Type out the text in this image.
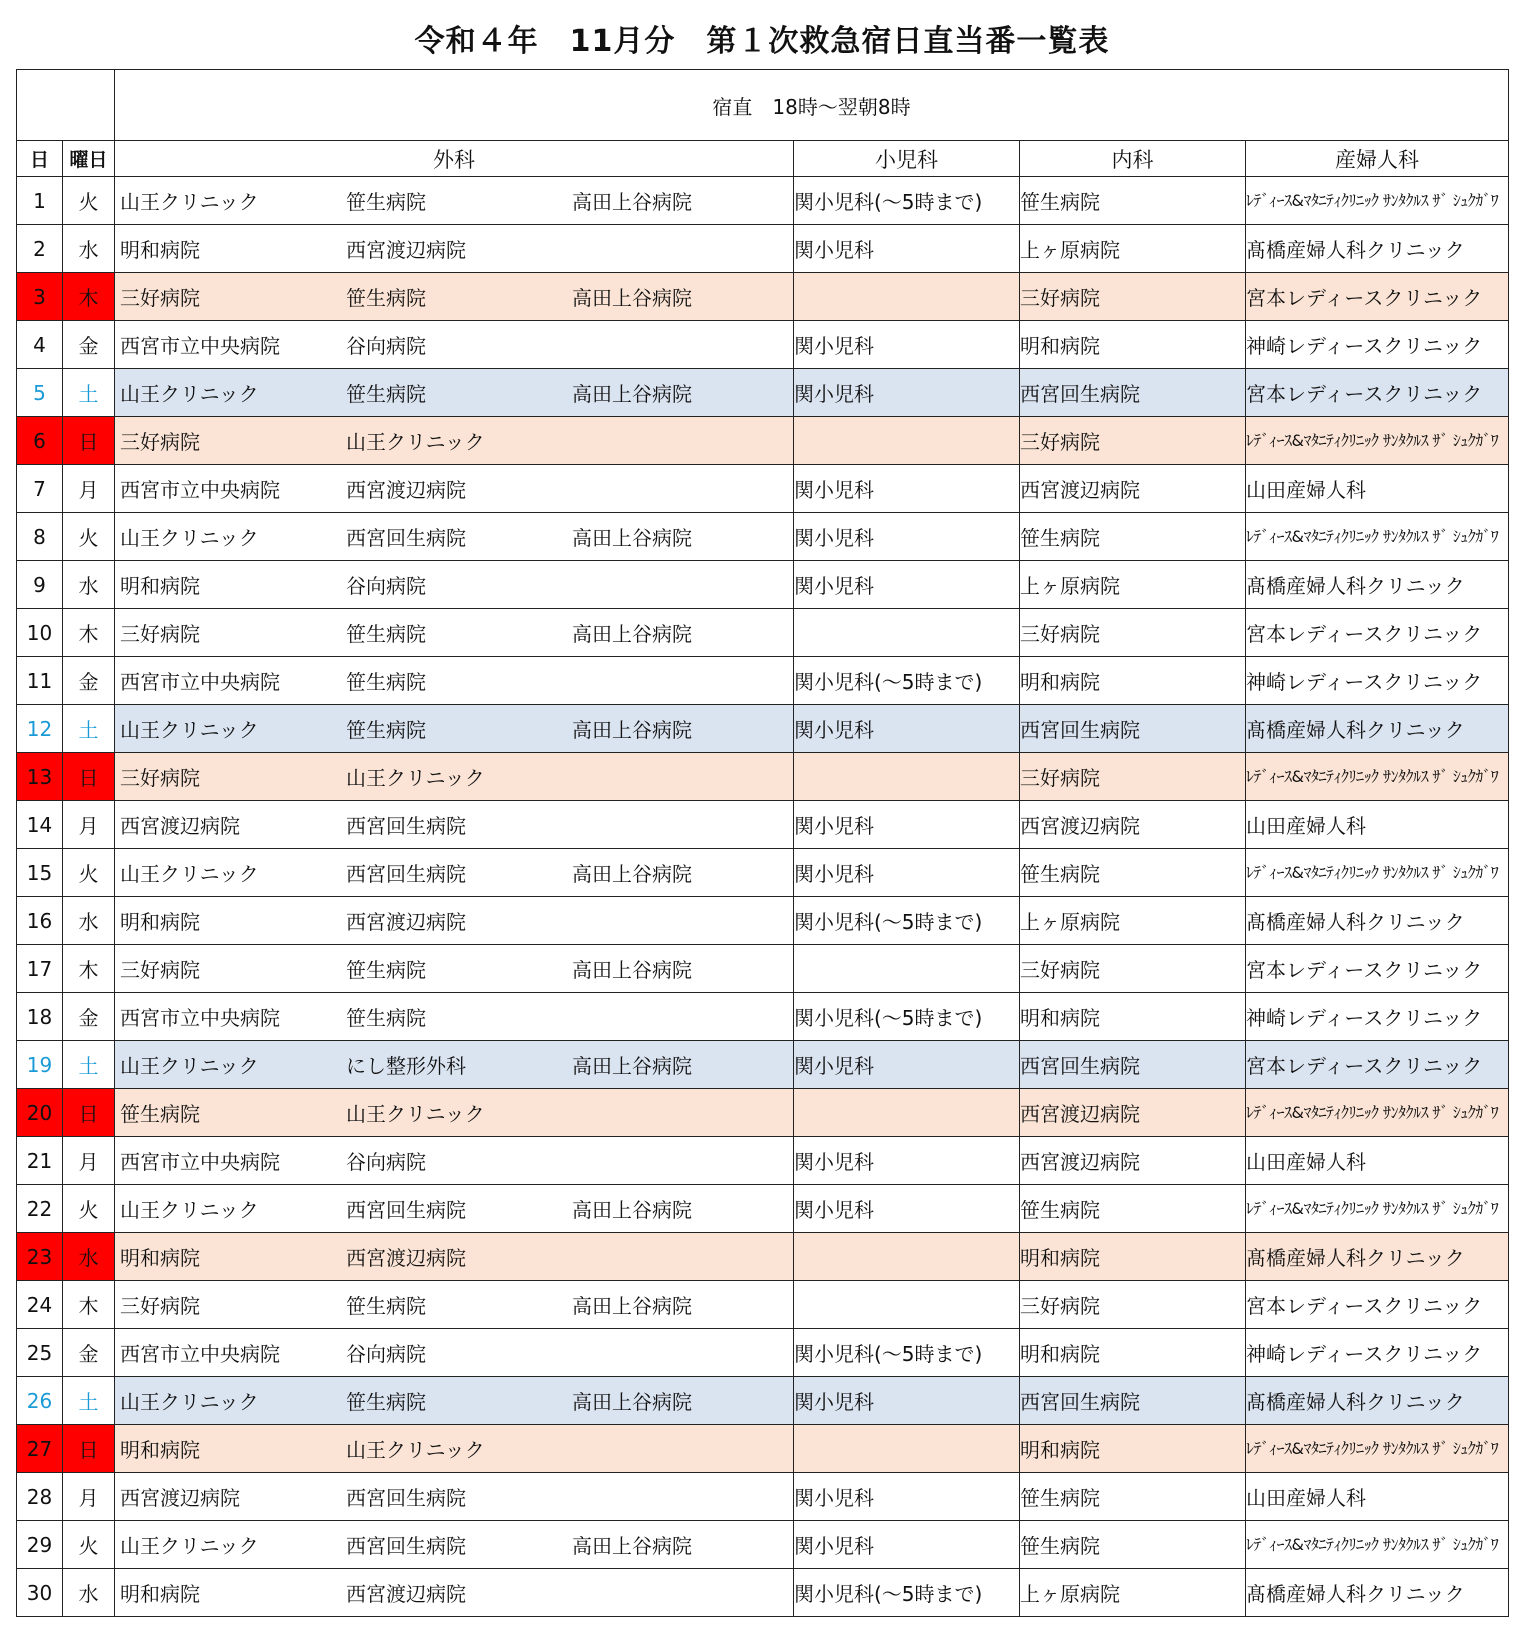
令和４年　11月分　第１次救急宿日直当番一覧表
		宿直　18時～翌朝8時			
日	曜日	外科	小児科	内科	産婦人科
1	火	山王クリニック 笹生病院 高田上谷病院	関小児科(～5時まで)	笹生病院	ﾚﾃﾞｨｰｽ&ﾏﾀﾆﾃｨｸﾘﾆｯｸ ｻﾝﾀｸﾙｽ ｻﾞ ｼｭｸｶﾞﾜ

2	水	明和病院 西宮渡辺病院	関小児科	上ヶ原病院	髙橋産婦人科クリニック
3	木	三好病院 笹生病院 高田上谷病院		三好病院	宮本レディースクリニック
4	金	西宮市立中央病院 谷向病院	関小児科	明和病院	神崎レディースクリニック
5	土	山王クリニック 笹生病院 高田上谷病院	関小児科	西宮回生病院	宮本レディースクリニック
6	日	三好病院 山王クリニック		三好病院	ﾚﾃﾞｨｰｽ&ﾏﾀﾆﾃｨｸﾘﾆｯｸ ｻﾝﾀｸﾙｽ ｻﾞ ｼｭｸｶﾞﾜ

7	月	西宮市立中央病院 西宮渡辺病院	関小児科	西宮渡辺病院	山田産婦人科
8	火	山王クリニック 西宮回生病院 高田上谷病院	関小児科	笹生病院	ﾚﾃﾞｨｰｽ&ﾏﾀﾆﾃｨｸﾘﾆｯｸ ｻﾝﾀｸﾙｽ ｻﾞ ｼｭｸｶﾞﾜ

9	水	明和病院 谷向病院	関小児科	上ヶ原病院	髙橋産婦人科クリニック
10	木	三好病院 笹生病院 高田上谷病院		三好病院	宮本レディースクリニック
11	金	西宮市立中央病院 笹生病院	関小児科(～5時まで)	明和病院	神崎レディースクリニック
12	土	山王クリニック 笹生病院 高田上谷病院	関小児科	西宮回生病院	髙橋産婦人科クリニック
13	日	三好病院 山王クリニック		三好病院	ﾚﾃﾞｨｰｽ&ﾏﾀﾆﾃｨｸﾘﾆｯｸ ｻﾝﾀｸﾙｽ ｻﾞ ｼｭｸｶﾞﾜ

14	月	西宮渡辺病院 西宮回生病院	関小児科	西宮渡辺病院	山田産婦人科
15	火	山王クリニック 西宮回生病院 高田上谷病院	関小児科	笹生病院	ﾚﾃﾞｨｰｽ&ﾏﾀﾆﾃｨｸﾘﾆｯｸ ｻﾝﾀｸﾙｽ ｻﾞ ｼｭｸｶﾞﾜ

16	水	明和病院 西宮渡辺病院	関小児科(～5時まで)	上ヶ原病院	髙橋産婦人科クリニック
17	木	三好病院 笹生病院 高田上谷病院		三好病院	宮本レディースクリニック
18	金	西宮市立中央病院 笹生病院	関小児科(～5時まで)	明和病院	神崎レディースクリニック
19	土	山王クリニック にし整形外科 高田上谷病院	関小児科	西宮回生病院	宮本レディースクリニック
20	日	笹生病院 山王クリニック		西宮渡辺病院	ﾚﾃﾞｨｰｽ&ﾏﾀﾆﾃｨｸﾘﾆｯｸ ｻﾝﾀｸﾙｽ ｻﾞ ｼｭｸｶﾞﾜ

21	月	西宮市立中央病院 谷向病院	関小児科	西宮渡辺病院	山田産婦人科
22	火	山王クリニック 西宮回生病院 高田上谷病院	関小児科	笹生病院	ﾚﾃﾞｨｰｽ&ﾏﾀﾆﾃｨｸﾘﾆｯｸ ｻﾝﾀｸﾙｽ ｻﾞ ｼｭｸｶﾞﾜ

23	水	明和病院 西宮渡辺病院		明和病院	髙橋産婦人科クリニック
24	木	三好病院 笹生病院 高田上谷病院		三好病院	宮本レディースクリニック
25	金	西宮市立中央病院 谷向病院	関小児科(～5時まで)	明和病院	神崎レディースクリニック
26	土	山王クリニック 笹生病院 高田上谷病院	関小児科	西宮回生病院	髙橋産婦人科クリニック
27	日	明和病院 山王クリニック		明和病院	ﾚﾃﾞｨｰｽ&ﾏﾀﾆﾃｨｸﾘﾆｯｸ ｻﾝﾀｸﾙｽ ｻﾞ ｼｭｸｶﾞﾜ

28	月	西宮渡辺病院 西宮回生病院	関小児科	笹生病院	山田産婦人科
29	火	山王クリニック 西宮回生病院 高田上谷病院	関小児科	笹生病院	ﾚﾃﾞｨｰｽ&ﾏﾀﾆﾃｨｸﾘﾆｯｸ ｻﾝﾀｸﾙｽ ｻﾞ ｼｭｸｶﾞﾜ

30	水	明和病院 西宮渡辺病院	関小児科(～5時まで)	上ヶ原病院	髙橋産婦人科クリニック
